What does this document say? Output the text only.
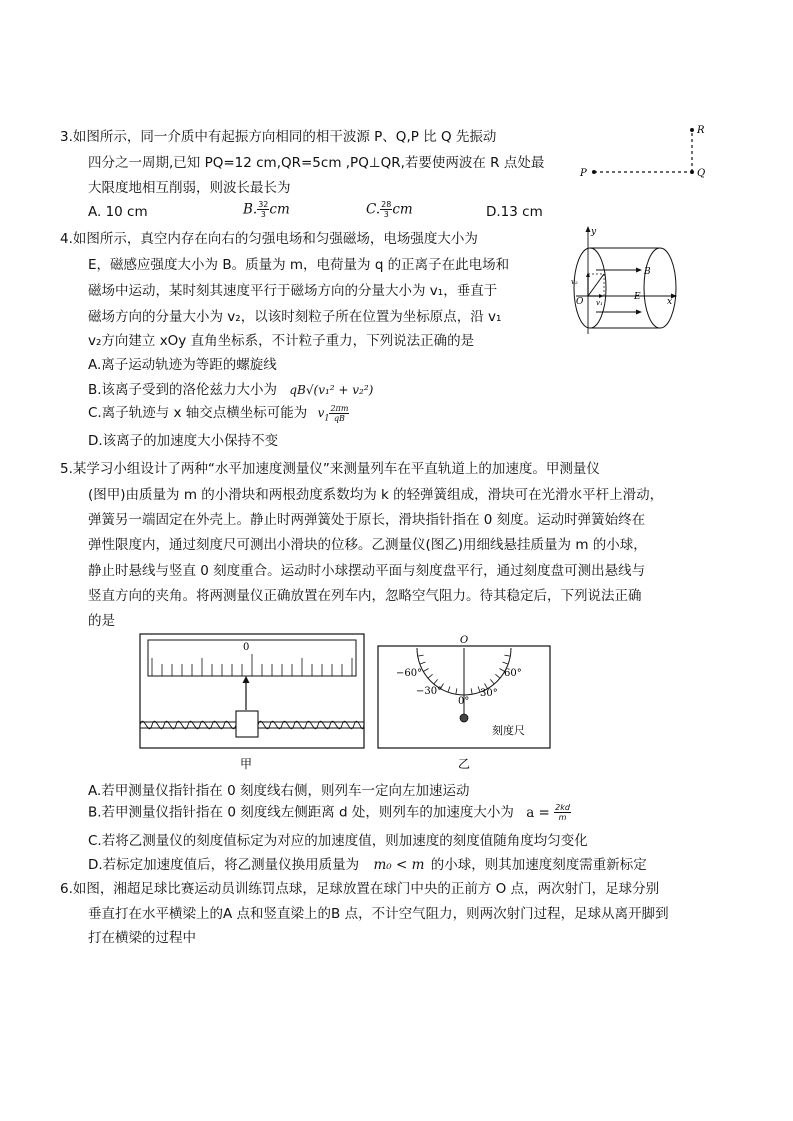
3.如图所示，同一介质中有起振方向相同的相干波源 P、Q,P 比 Q 先振动
四分之一周期,已知 PQ=12 cm,QR=5cm ,PQ⊥QR,若要使两波在 R 点处最
大限度地相互削弱，则波长最长为
A. 10 cm	B. $\frac{32}{3}$ cm	C. $\frac{28}{3}$ cm	D.13 cm
P	Q
R
4.如图所示，真空内存在向右的匀强电场和匀强磁场，电场强度大小为
E，磁感应强度大小为 B。质量为 m，电荷量为 q 的正离子在此电场和
磁场中运动，某时刻其速度平行于磁场方向的分量大小为 v₁，垂直于
磁场方向的分量大小为 v₂，以该时刻粒子所在位置为坐标原点，沿 v₁
v₂方向建立 xOy 直角坐标系，不计粒子重力，下列说法正确的是
A.离子运动轨迹为等距的螺旋线
B.该离子受到的洛伦兹力大小为 qB√(v₁² + v₂²)
C.离子轨迹与 x 轴交点横坐标可能为 $v_1 \frac{2\pi m}{qB}$
D.该离子的加速度大小保持不变
y
x
O
B
E
v₂
v₁
5.某学习小组设计了两种“水平加速度测量仪”来测量列车在平直轨道上的加速度。甲测量仪
(图甲)由质量为 m 的小滑块和两根劲度系数均为 k 的轻弹簧组成，滑块可在光滑水平杆上滑动，
弹簧另一端固定在外壳上。静止时两弹簧处于原长，滑块指针指在 0 刻度。运动时弹簧始终在
弹性限度内，通过刻度尺可测出小滑块的位移。乙测量仪(图乙)用细线悬挂质量为 m 的小球，
静止时悬线与竖直 0 刻度重合。运动时小球摆动平面与刻度盘平行，通过刻度盘可测出悬线与
竖直方向的夹角。将两测量仪正确放置在列车内，忽略空气阻力。待其稳定后，下列说法正确
的是
0
甲
O
−60°
−30°
60°
30°
0°
刻度尺
乙
A.若甲测量仪指针指在 0 刻度线右侧，则列车一定向左加速运动
B.若甲测量仪指针指在 0 刻度线左侧距离 d 处，则列车的加速度大小为 $a = \frac{2kd}{m}$
C.若将乙测量仪的刻度值标定为对应的加速度值，则加速度的刻度值随角度均匀变化
D.若标定加速度值后，将乙测量仪换用质量为 m₀ < m 的小球，则其加速度刻度需重新标定
6.如图，湘超足球比赛运动员训练罚点球，足球放置在球门中央的正前方 O 点，两次射门，足球分别
垂直打在水平横梁上的A 点和竖直梁上的B 点，不计空气阻力，则两次射门过程，足球从离开脚到
打在横梁的过程中
